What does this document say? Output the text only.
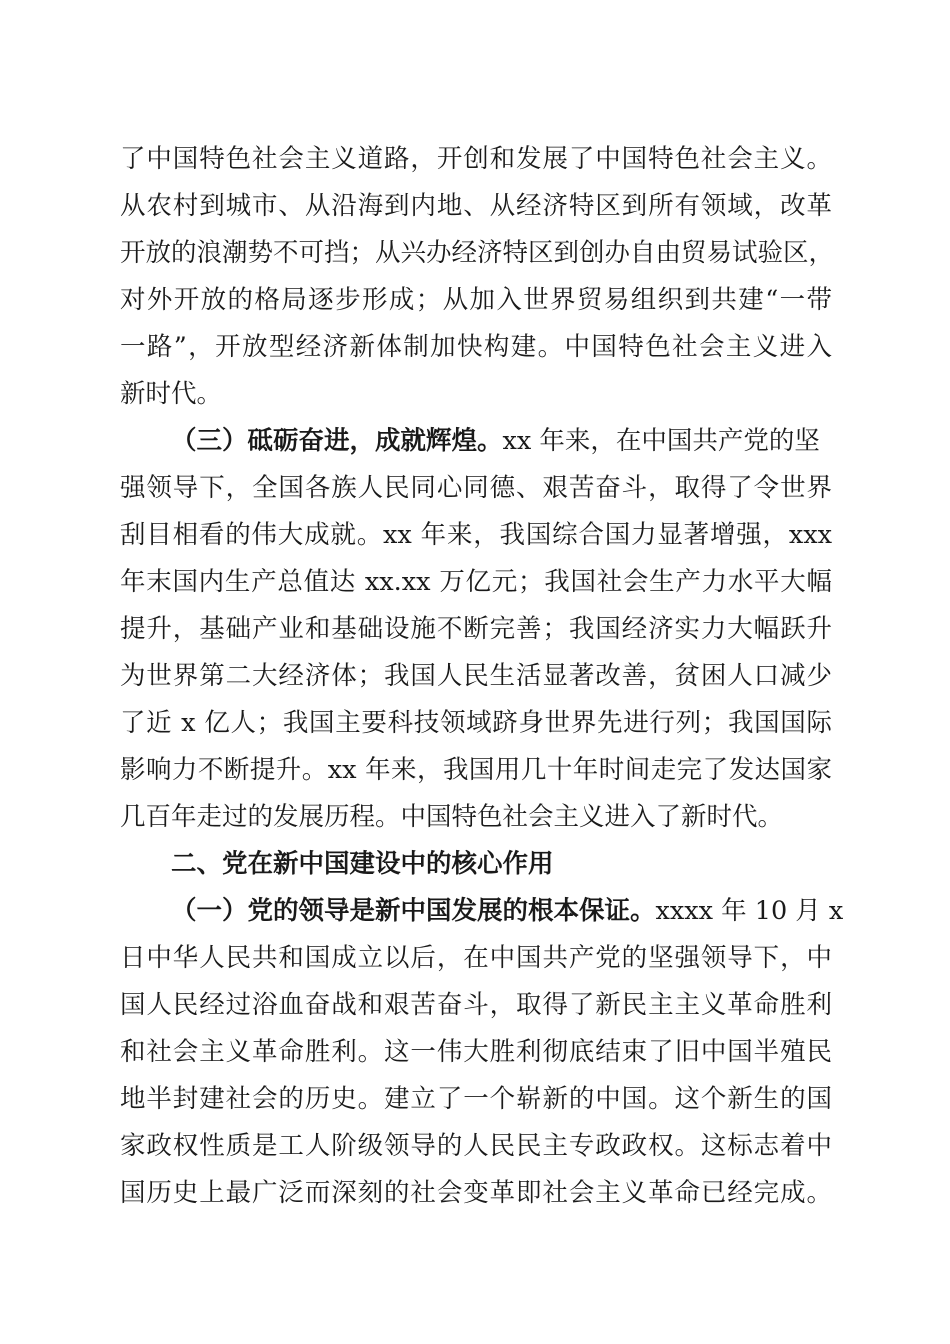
了中国特色社会主义道路，开创和发展了中国特色社会主义。
从农村到城市、从沿海到内地、从经济特区到所有领域，改革
开放的浪潮势不可挡；从兴办经济特区到创办自由贸易试验区，
对外开放的格局逐步形成；从加入世界贸易组织到共建“一带
一路”，开放型经济新体制加快构建。中国特色社会主义进入
新时代。
（三）砥砺奋进，成就辉煌。xx 年来，在中国共产党的坚
强领导下，全国各族人民同心同德、艰苦奋斗，取得了令世界
刮目相看的伟大成就。xx 年来，我国综合国力显著增强，xxx
年末国内生产总值达 xx.xx 万亿元；我国社会生产力水平大幅
提升，基础产业和基础设施不断完善；我国经济实力大幅跃升
为世界第二大经济体；我国人民生活显著改善，贫困人口减少
了近 x 亿人；我国主要科技领域跻身世界先进行列；我国国际
影响力不断提升。xx 年来，我国用几十年时间走完了发达国家
几百年走过的发展历程。中国特色社会主义进入了新时代。
二、党在新中国建设中的核心作用
（一）党的领导是新中国发展的根本保证。xxxx 年 10 月 x
日中华人民共和国成立以后，在中国共产党的坚强领导下，中
国人民经过浴血奋战和艰苦奋斗，取得了新民主主义革命胜利
和社会主义革命胜利。这一伟大胜利彻底结束了旧中国半殖民
地半封建社会的历史。建立了一个崭新的中国。这个新生的国
家政权性质是工人阶级领导的人民民主专政政权。这标志着中
国历史上最广泛而深刻的社会变革即社会主义革命已经完成。
